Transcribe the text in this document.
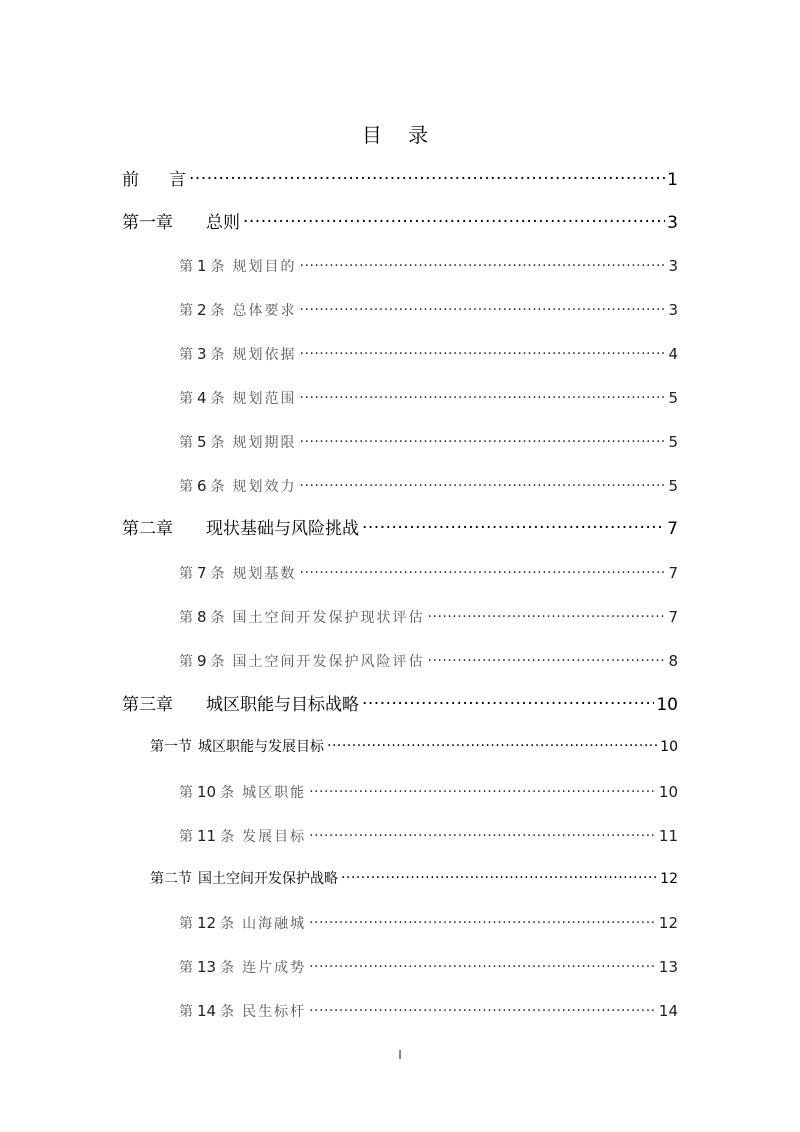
目 录
前 言 .....	1
第一章 总则 .....	3
第 1 条 规划目的 .....	3
第 2 条 总体要求 .....	3
第 3 条 规划依据 .....	4
第 4 条 规划范围 .....	5
第 5 条 规划期限 .....	5
第 6 条 规划效力 .....	5
第二章 现状基础与风险挑战 .....	7
第 7 条 规划基数 .....	7
第 8 条 国土空间开发保护现状评估 .....	7
第 9 条 国土空间开发保护风险评估 .....	8
第三章 城区职能与目标战略 .....	10
第一节 城区职能与发展目标 .....	10
第 10 条 城区职能 .....	10
第 11 条 发展目标 .....	11
第二节 国土空间开发保护战略 .....	12
第 12 条 山海融城 .....	12
第 13 条 连片成势 .....	13
第 14 条 民生标杆 .....	14
I
